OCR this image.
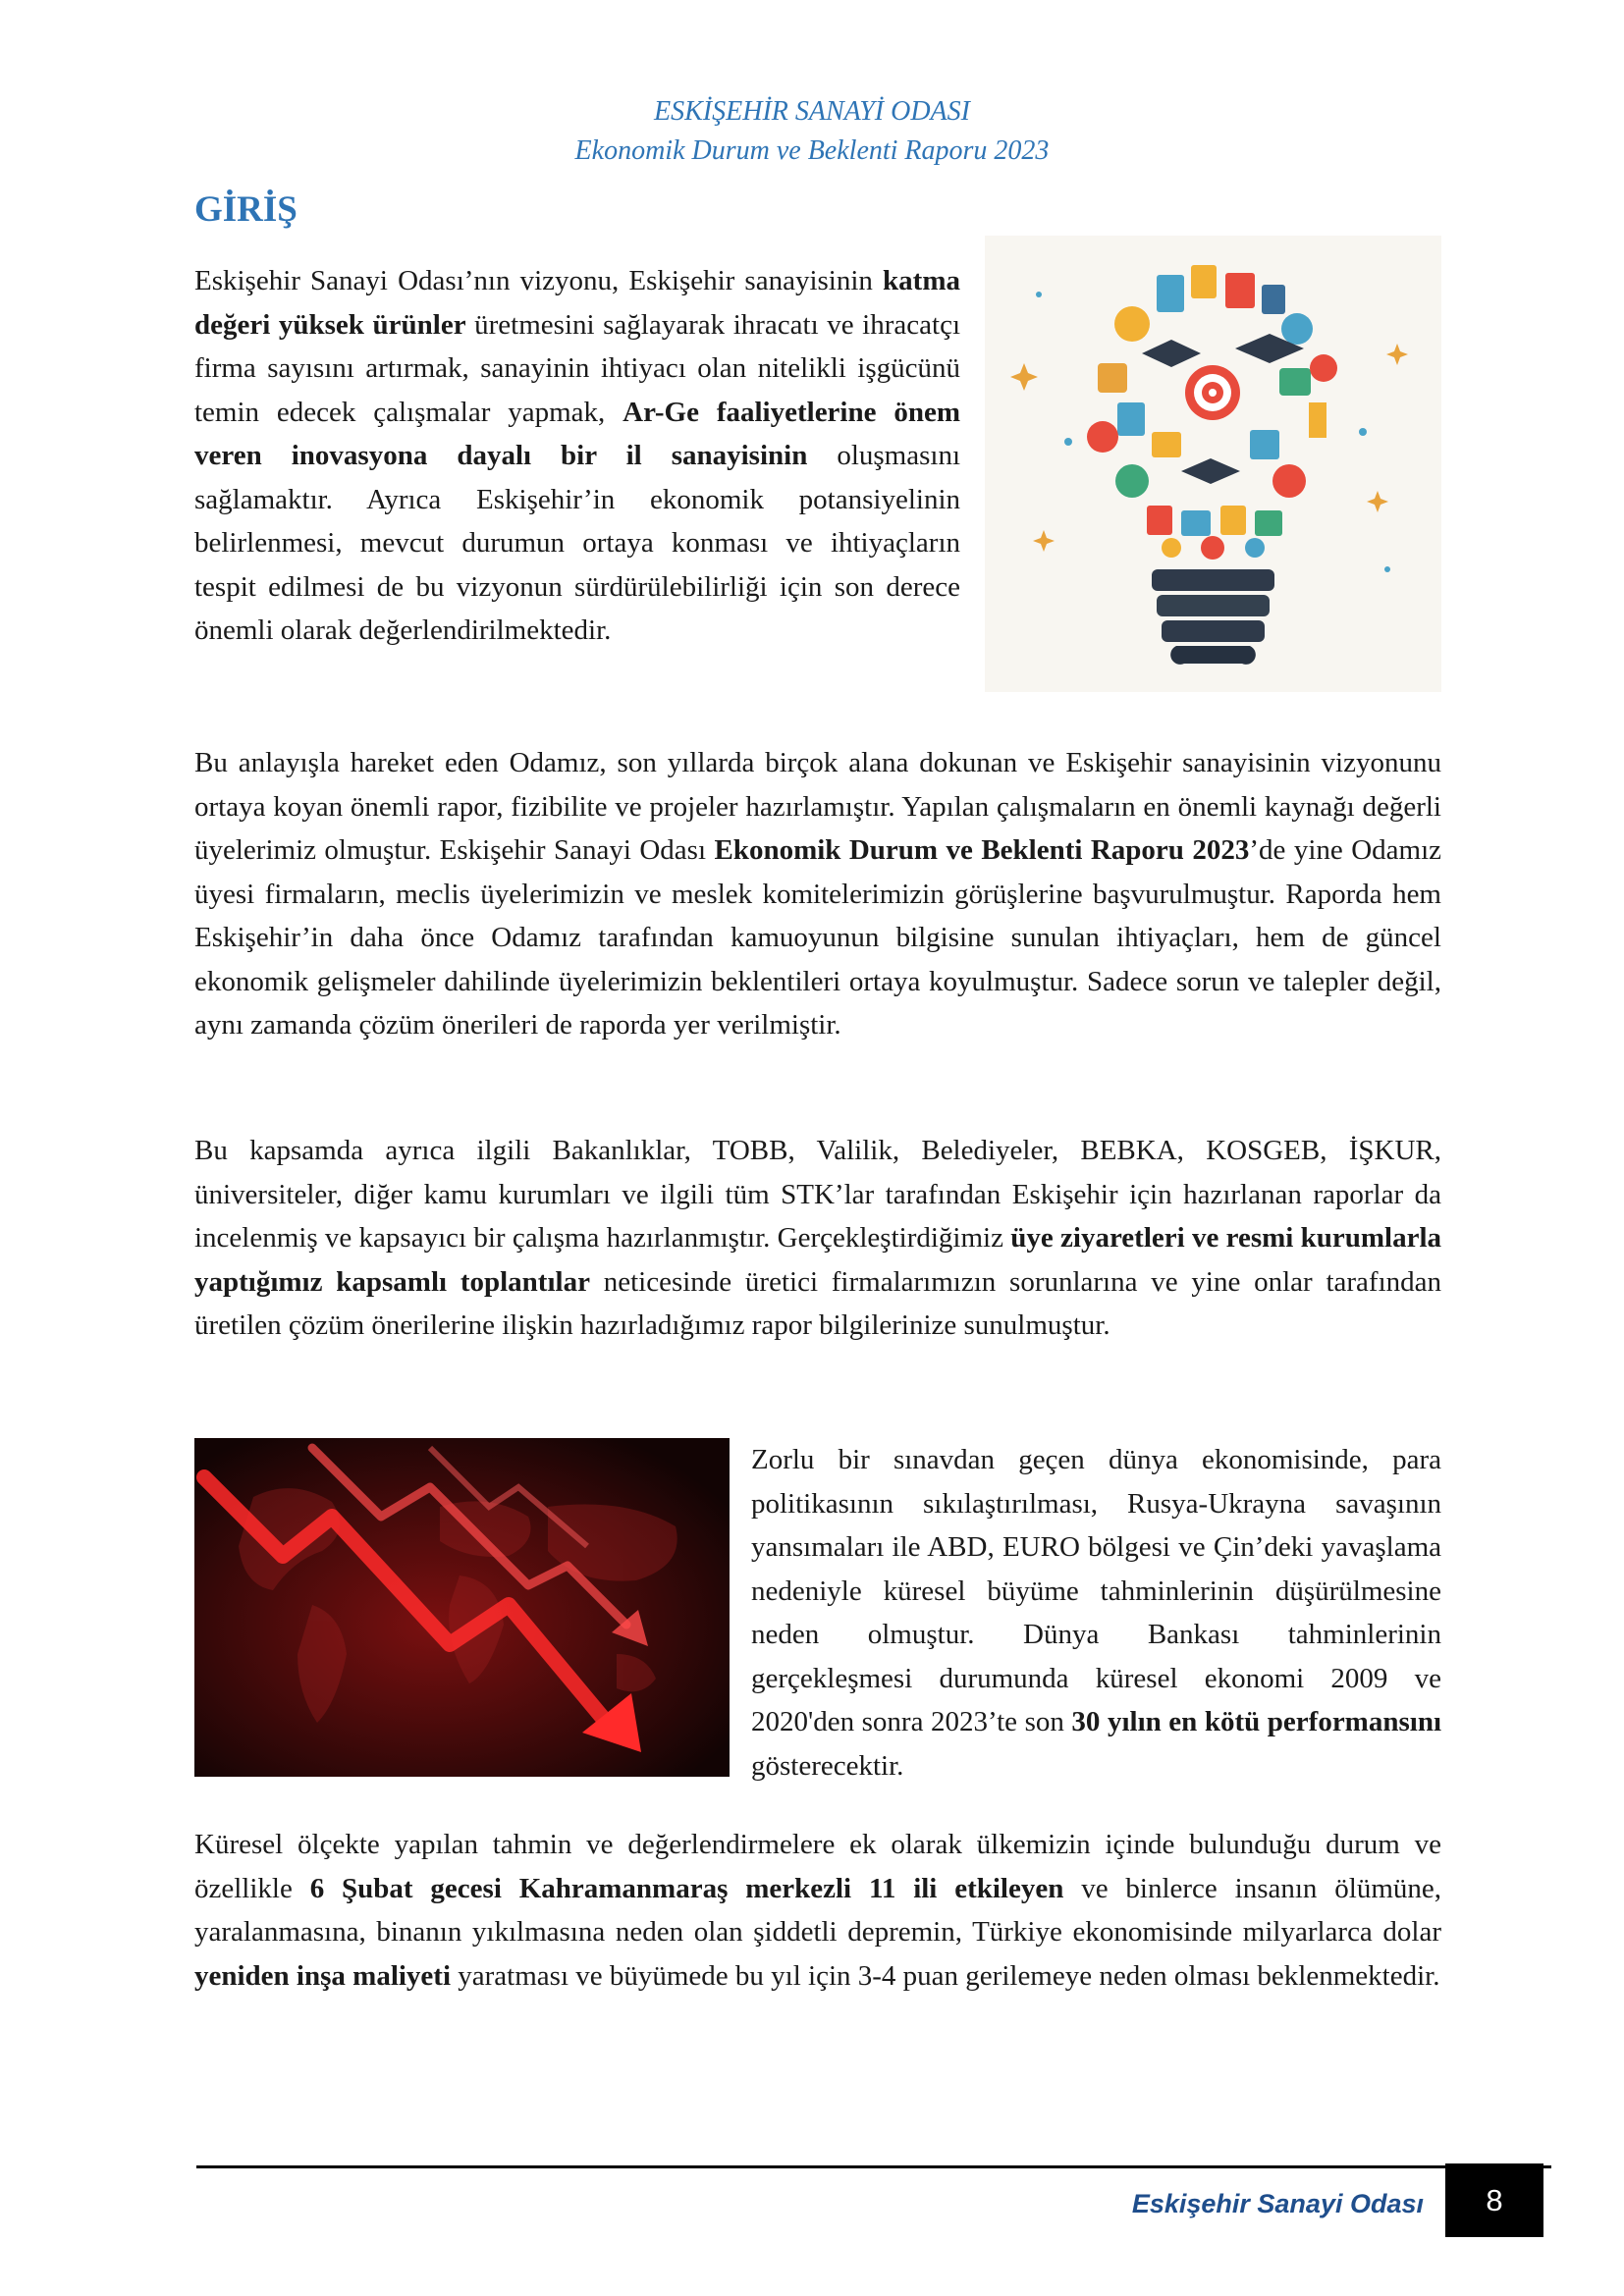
ESKİŞEHİR SANAYİ ODASI
Ekonomik Durum ve Beklenti Raporu 2023
GİRİŞ

Eskişehir Sanayi Odası’nın vizyonu, Eskişehir sanayisinin katma değeri yüksek ürünler üretmesini sağlayarak ihracatı ve ihracatçı firma sayısını artırmak, sanayinin ihtiyacı olan nitelikli işgücünü temin edecek çalışmalar yapmak, Ar-Ge faaliyetlerine önem veren inovasyona dayalı bir il sanayisinin oluşmasını sağlamaktır. Ayrıca Eskişehir’in ekonomik potansiyelinin belirlenmesi, mevcut durumun ortaya konması ve ihtiyaçların tespit edilmesi de bu vizyonun sürdürülebilirliği için son derece önemli olarak değerlendirilmektedir.

Bu anlayışla hareket eden Odamız, son yıllarda birçok alana dokunan ve Eskişehir sanayisinin vizyonunu ortaya koyan önemli rapor, fizibilite ve projeler hazırlamıştır. Yapılan çalışmaların en önemli kaynağı değerli üyelerimiz olmuştur. Eskişehir Sanayi Odası Ekonomik Durum ve Beklenti Raporu 2023’de yine Odamız üyesi firmaların, meclis üyelerimizin ve meslek komitelerimizin görüşlerine başvurulmuştur. Raporda hem Eskişehir’in daha önce Odamız tarafından kamuoyunun bilgisine sunulan ihtiyaçları, hem de güncel ekonomik gelişmeler dahilinde üyelerimizin beklentileri ortaya koyulmuştur. Sadece sorun ve talepler değil, aynı zamanda çözüm önerileri de raporda yer verilmiştir.

Bu kapsamda ayrıca ilgili Bakanlıklar, TOBB, Valilik, Belediyeler, BEBKA, KOSGEB, İŞKUR, üniversiteler, diğer kamu kurumları ve ilgili tüm STK’lar tarafından Eskişehir için hazırlanan raporlar da incelenmiş ve kapsayıcı bir çalışma hazırlanmıştır. Gerçekleştirdiğimiz üye ziyaretleri ve resmi kurumlarla yaptığımız kapsamlı toplantılar neticesinde üretici firmalarımızın sorunlarına ve yine onlar tarafından üretilen çözüm önerilerine ilişkin hazırladığımız rapor bilgilerinize sunulmuştur.

Zorlu bir sınavdan geçen dünya ekonomisinde, para politikasının sıkılaştırılması, Rusya-Ukrayna savaşının yansımaları ile ABD, EURO bölgesi ve Çin’deki yavaşlama nedeniyle küresel büyüme tahminlerinin düşürülmesine neden olmuştur. Dünya Bankası tahminlerinin gerçekleşmesi durumunda küresel ekonomi 2009 ve 2020'den sonra 2023’te son 30 yılın en kötü performansını gösterecektir.

Küresel ölçekte yapılan tahmin ve değerlendirmelere ek olarak ülkemizin içinde bulunduğu durum ve özellikle 6 Şubat gecesi Kahramanmaraş merkezli 11 ili etkileyen ve binlerce insanın ölümüne, yaralanmasına, binanın yıkılmasına neden olan şiddetli depremin, Türkiye ekonomisinde milyarlarca dolar yeniden inşa maliyeti yaratması ve büyümede bu yıl için 3-4 puan gerilemeye neden olması beklenmektedir.

Eskişehir Sanayi Odası	8
